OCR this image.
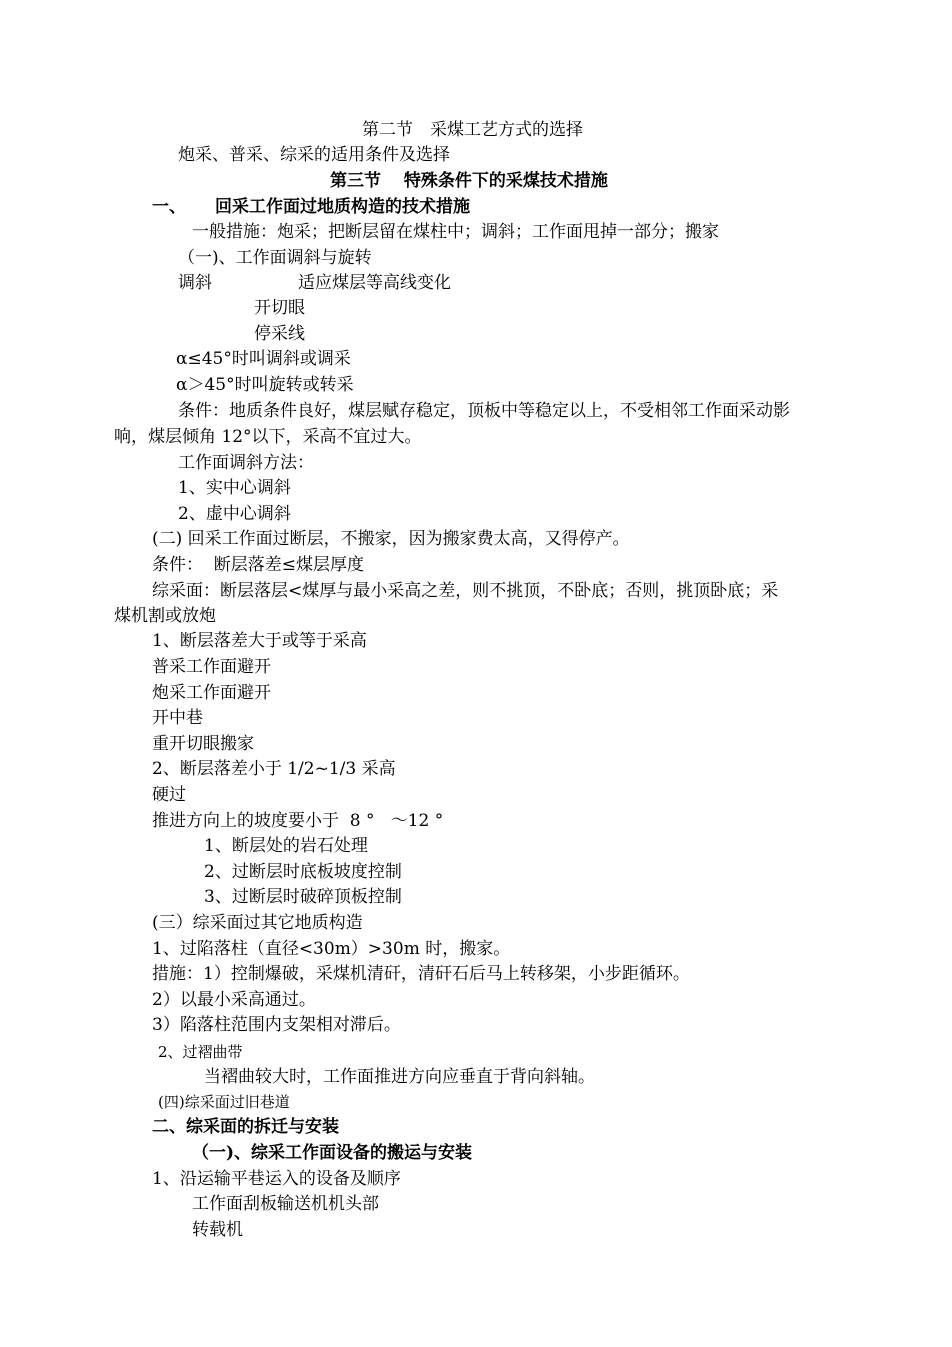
第二节　采煤工艺方式的选择

炮采、普采、综采的适用条件及选择

第三节　 特殊条件下的采煤技术措施

一、 回采工作面过地质构造的技术措施

一般措施：炮采；把断层留在煤柱中；调斜；工作面甩掉一部分；搬家

（一)、工作面调斜与旋转

调斜	适应煤层等高线变化

开切眼

停采线

α≤45°时叫调斜或调采

α＞45°时叫旋转或转采

条件：地质条件良好，煤层赋存稳定，顶板中等稳定以上，不受相邻工作面采动影

响，煤层倾角 12°以下，采高不宜过大。

工作面调斜方法：

1、实中心调斜

2、虚中心调斜

(二) 回采工作面过断层，不搬家，因为搬家费太高，又得停产。

条件：  断层落差≤煤层厚度

综采面：断层落层<煤厚与最小采高之差，则不挑顶，不卧底；否则，挑顶卧底；采

煤机割或放炮

1、断层落差大于或等于采高

普采工作面避开

炮采工作面避开

开中巷

重开切眼搬家

2、断层落差小于 1/2~1/3 采高

硬过

推进方向上的坡度要小于  8 °   ～12 °

1、断层处的岩石处理

2、过断层时底板坡度控制

3、过断层时破碎顶板控制

(三）综采面过其它地质构造

1、过陷落柱（直径<30m）>30m 时，搬家。

措施：1）控制爆破，采煤机清矸，清矸石后马上转移架，小步距循环。

2）以最小采高通过。

3）陷落柱范围内支架相对滞后。

2、过褶曲带

当褶曲较大时，工作面推进方向应垂直于背向斜轴。

(四)综采面过旧巷道

二、综采面的拆迁与安装

（一)、综采工作面设备的搬运与安装

1、沿运输平巷运入的设备及顺序

工作面刮板输送机机头部

转载机
